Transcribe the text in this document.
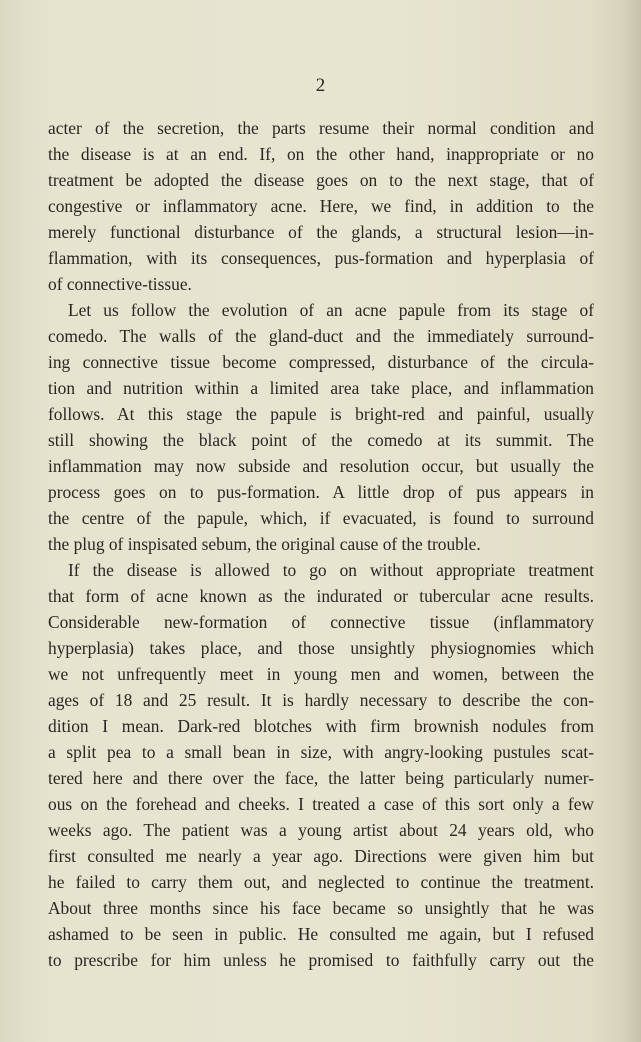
2
acter of the secretion, the parts resume their normal condition and
the disease is at an end. If, on the other hand, inappropriate or no
treatment be adopted the disease goes on to the next stage, that of
congestive or inflammatory acne. Here, we find, in addition to the
merely functional disturbance of the glands, a structural lesion—in-
flammation, with its consequences, pus-formation and hyperplasia of
of connective-tissue.
Let us follow the evolution of an acne papule from its stage of
comedo. The walls of the gland-duct and the immediately surround-
ing connective tissue become compressed, disturbance of the circula-
tion and nutrition within a limited area take place, and inflammation
follows. At this stage the papule is bright-red and painful, usually
still showing the black point of the comedo at its summit. The
inflammation may now subside and resolution occur, but usually the
process goes on to pus-formation. A little drop of pus appears in
the centre of the papule, which, if evacuated, is found to surround
the plug of inspisated sebum, the original cause of the trouble.
If the disease is allowed to go on without appropriate treatment
that form of acne known as the indurated or tubercular acne results.
Considerable new-formation of connective tissue (inflammatory
hyperplasia) takes place, and those unsightly physiognomies which
we not unfrequently meet in young men and women, between the
ages of 18 and 25 result. It is hardly necessary to describe the con-
dition I mean. Dark-red blotches with firm brownish nodules from
a split pea to a small bean in size, with angry-looking pustules scat-
tered here and there over the face, the latter being particularly numer-
ous on the forehead and cheeks. I treated a case of this sort only a few
weeks ago. The patient was a young artist about 24 years old, who
first consulted me nearly a year ago. Directions were given him but
he failed to carry them out, and neglected to continue the treatment.
About three months since his face became so unsightly that he was
ashamed to be seen in public. He consulted me again, but I refused
to prescribe for him unless he promised to faithfully carry out the
